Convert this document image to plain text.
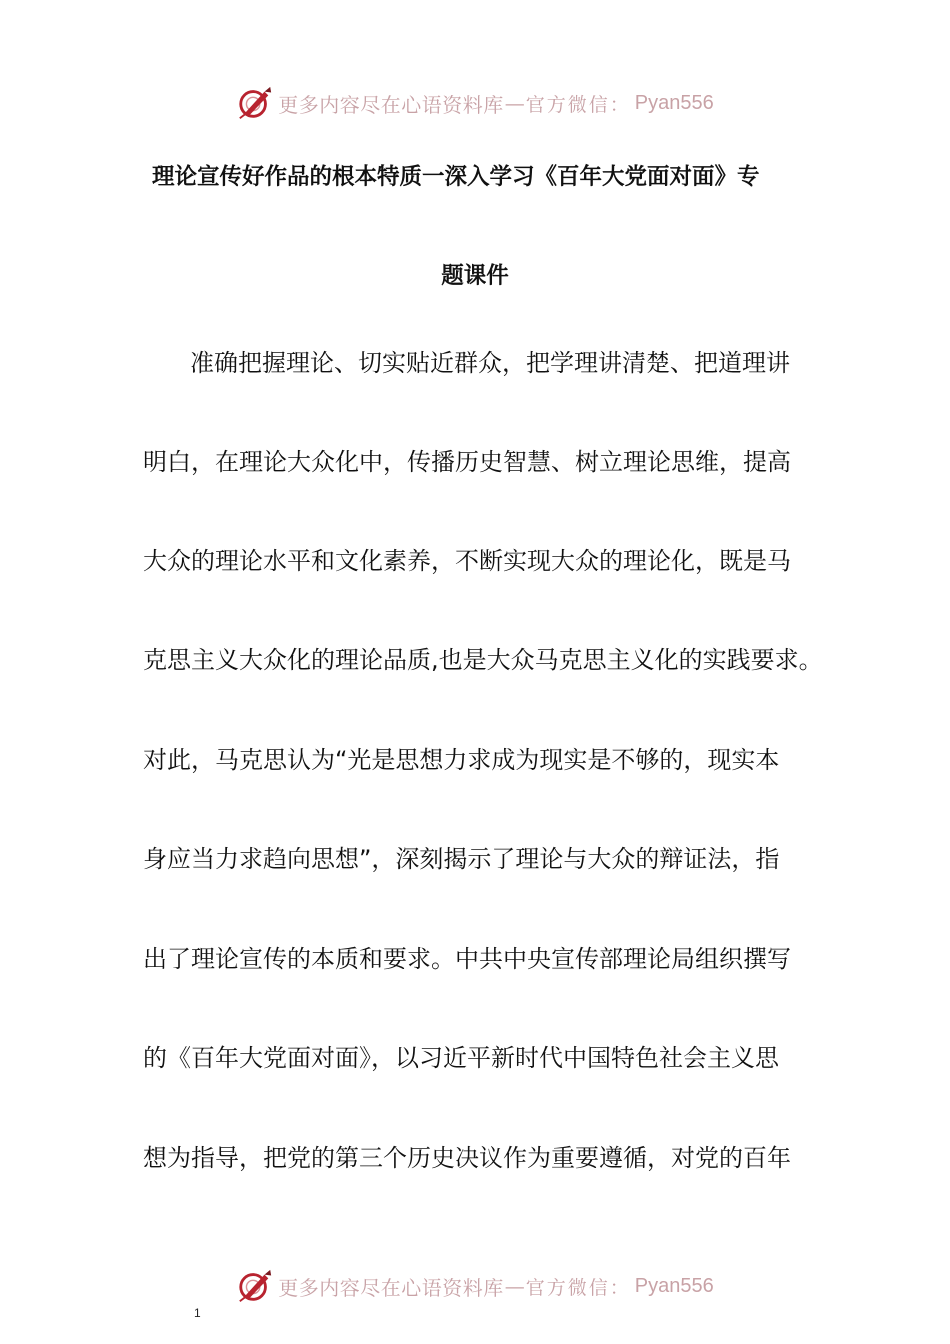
更多内容尽在心语资料库 — 官方微信： Pyan556
理论宣传好作品的根本特质一深入学习《百年大党面对面》专
题课件
准确把握理论、切实贴近群众，把学理讲清楚、把道理讲
明白，在理论大众化中，传播历史智慧、树立理论思维，提高
大众的理论水平和文化素养，不断实现大众的理论化，既是马
克思主义大众化的理论品质,也是大众马克思主义化的实践要求。
对此，马克思认为“光是思想力求成为现实是不够的，现实本
身应当力求趋向思想”，深刻揭示了理论与大众的辩证法，指
出了理论宣传的本质和要求。中共中央宣传部理论局组织撰写
的《百年大党面对面》，以习近平新时代中国特色社会主义思
想为指导，把党的第三个历史决议作为重要遵循，对党的百年
更多内容尽在心语资料库 — 官方微信： Pyan556
1
